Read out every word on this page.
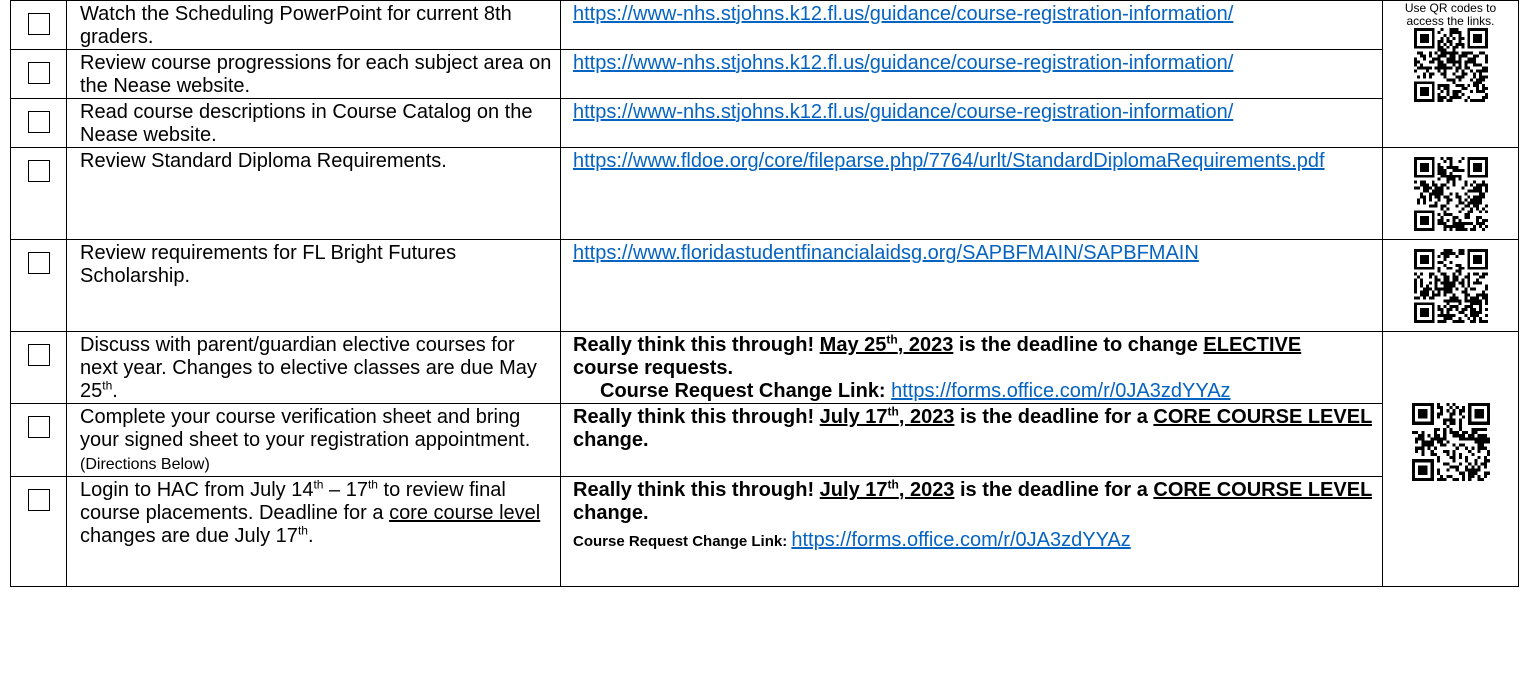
	Watch the Scheduling PowerPoint for current 8th graders.	https://www-nhs.stjohns.k12.fl.us/guidance/course-registration-information/	Use QR codes to access the links.

	Review course progressions for each subject area on the Nease website.	https://www-nhs.stjohns.k12.fl.us/guidance/course-registration-information/	

	Read course descriptions in Course Catalog on the Nease website.	https://www-nhs.stjohns.k12.fl.us/guidance/course-registration-information/	

	Review Standard Diploma Requirements.	https://www.fldoe.org/core/fileparse.php/7764/urlt/StandardDiplomaRequirements.pdf	

	Review requirements for FL Bright Futures Scholarship.	https://www.floridastudentfinancialaidsg.org/SAPBFMAIN/SAPBFMAIN	

	Discuss with parent/guardian elective courses for next year. Changes to elective classes are due May 25th.	Really think this through! May 25th, 2023 is the deadline to change ELECTIVE course requests.
Course Request Change Link: https://forms.office.com/r/0JA3zdYYAz

	Complete your course verification sheet and bring your signed sheet to your registration appointment. (Directions Below)	Really think this through! July 17th, 2023 is the deadline for a CORE COURSE LEVEL change.	

	Login to HAC from July 14th – 17th to review final course placements. Deadline for a core course level changes are due July 17th.	Really think this through! July 17th, 2023 is the deadline for a CORE COURSE LEVEL change.
Course Request Change Link: https://forms.office.com/r/0JA3zdYYAz	
